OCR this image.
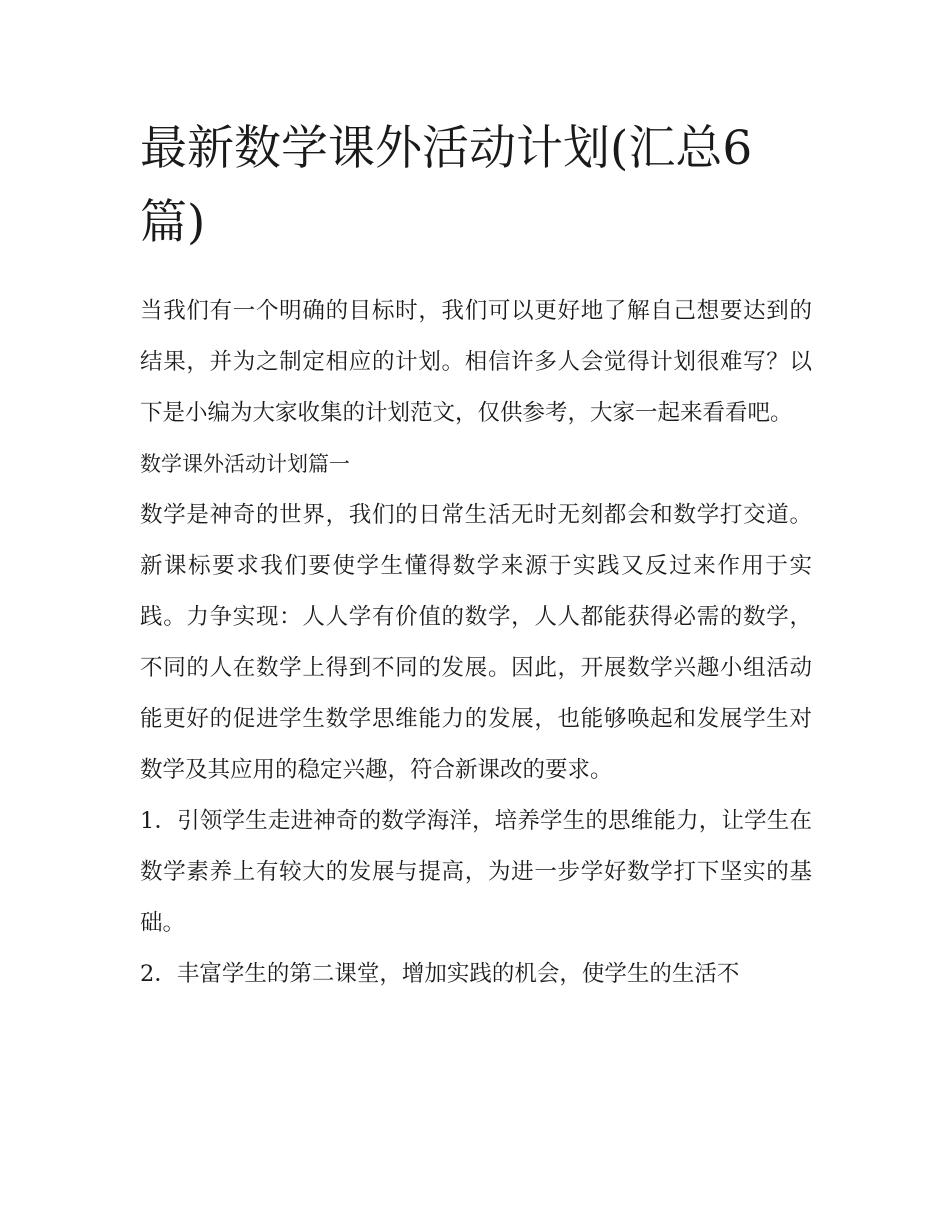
最新数学课外活动计划(汇总6篇)

当我们有一个明确的目标时，我们可以更好地了解自己想要达到的结果，并为之制定相应的计划。相信许多人会觉得计划很难写？以下是小编为大家收集的计划范文，仅供参考，大家一起来看看吧。

数学课外活动计划篇一

数学是神奇的世界，我们的日常生活无时无刻都会和数学打交道。新课标要求我们要使学生懂得数学来源于实践又反过来作用于实践。力争实现：人人学有价值的数学，人人都能获得必需的数学，不同的人在数学上得到不同的发展。因此，开展数学兴趣小组活动能更好的促进学生数学思维能力的发展，也能够唤起和发展学生对数学及其应用的稳定兴趣，符合新课改的要求。

1．引领学生走进神奇的数学海洋，培养学生的思维能力，让学生在数学素养上有较大的发展与提高，为进一步学好数学打下坚实的基础。

2．丰富学生的第二课堂，增加实践的机会，使学生的生活不
